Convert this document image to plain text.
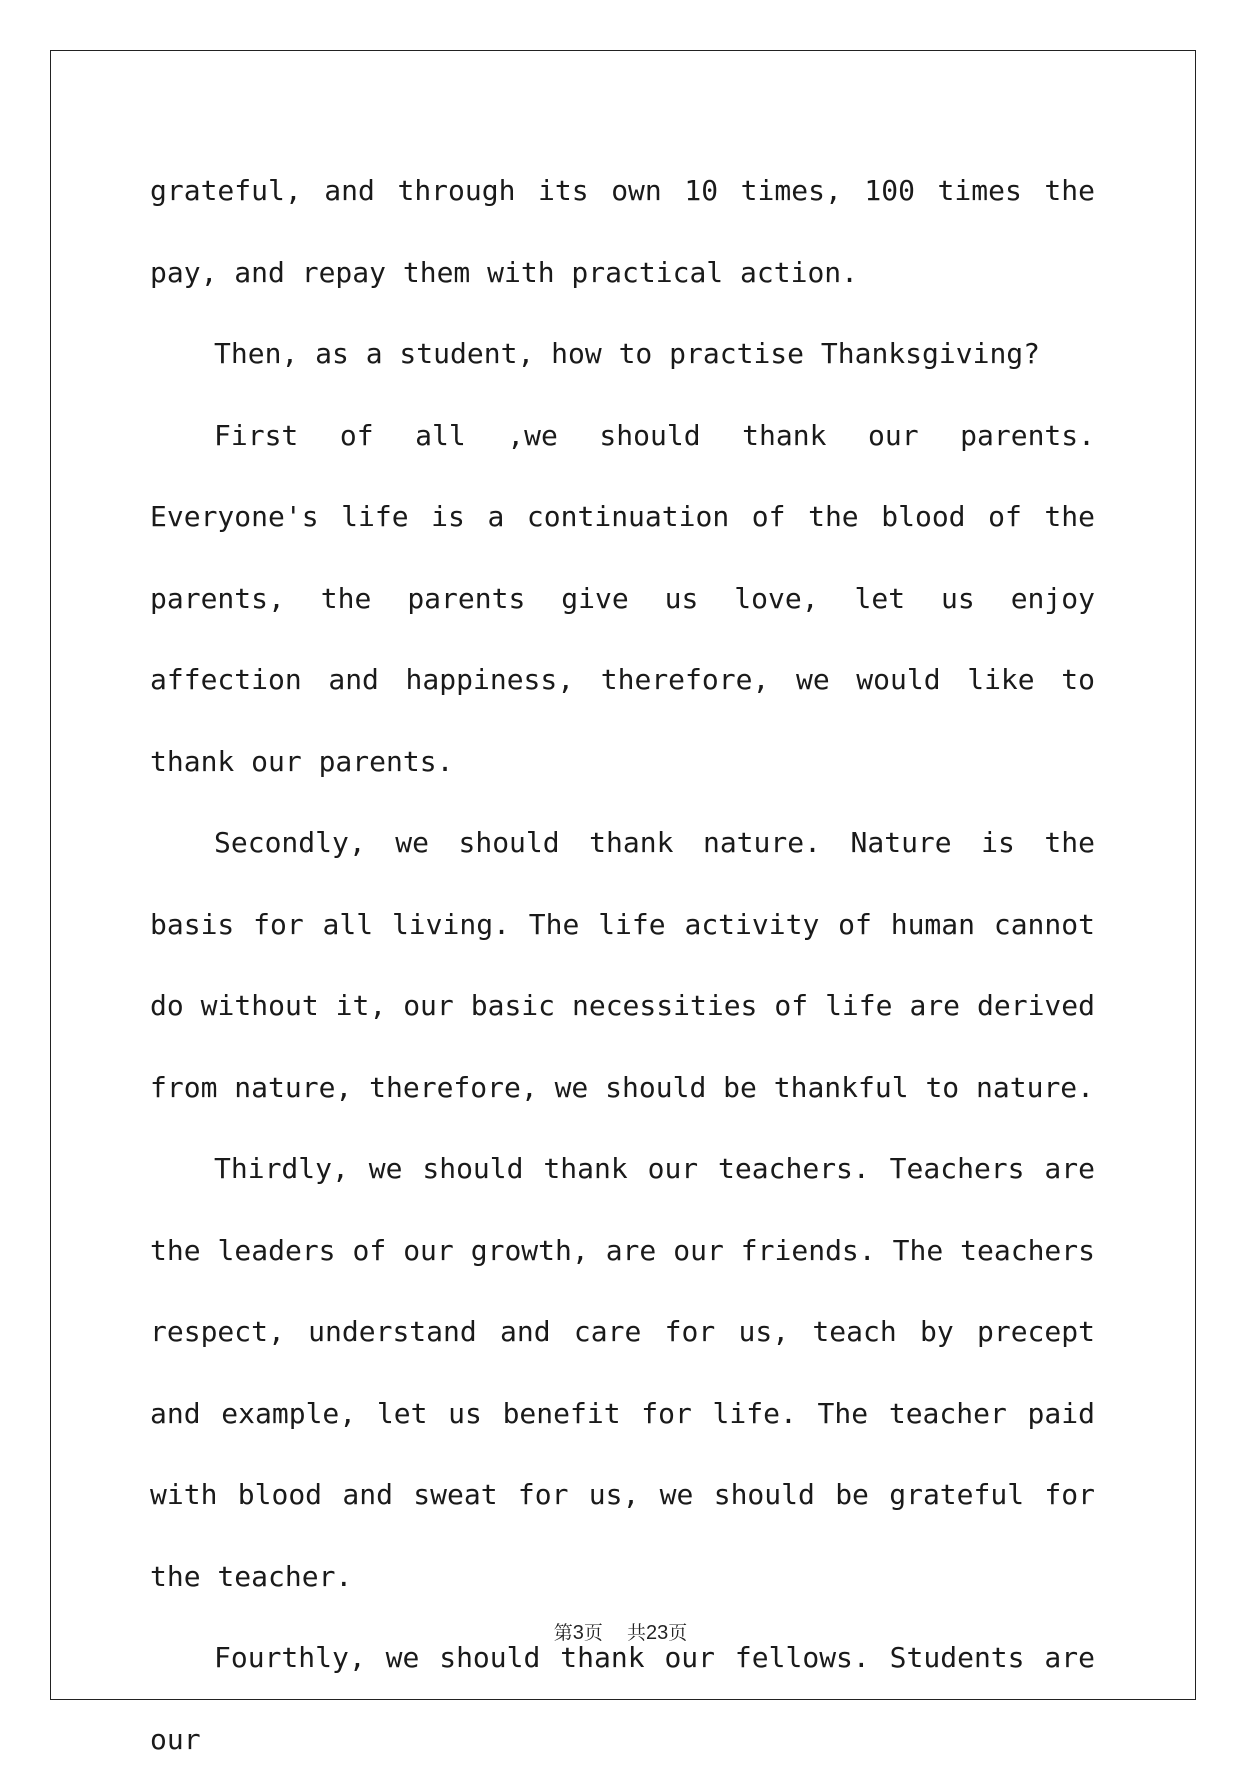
grateful, and through its own 10 times, 100 times the pay, and repay them with practical action.

Then, as a student, how to practise Thanksgiving?

First of all ,we should thank our parents. Everyone's life is a continuation of the blood of the parents, the parents give us love, let us enjoy affection and happiness, therefore, we would like to thank our parents.

Secondly, we should thank nature. Nature is the basis for all living. The life activity of human cannot do without it, our basic necessities of life are derived from nature, therefore, we should be thankful to nature.

Thirdly, we should thank our teachers. Teachers are the leaders of our growth, are our friends. The teachers respect, understand and care for us, teach by precept and example, let us benefit for life. The teacher paid with blood and sweat for us, we should be grateful for the teacher.

Fourthly, we should thank our fellows. Students are our

第3页 共23页
